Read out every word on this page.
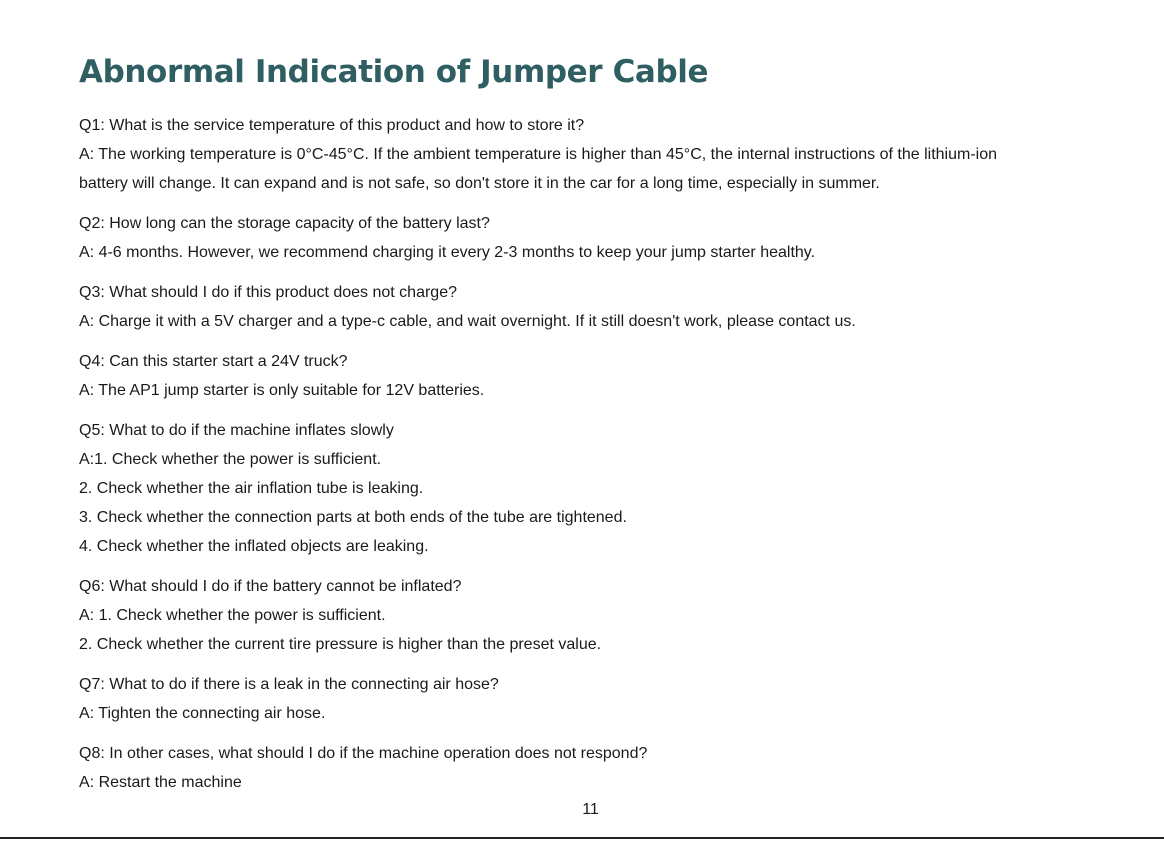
Abnormal Indication of Jumper Cable
Q1: What is the service temperature of this product and how to store it?
A: The working temperature is 0°C-45°C. If the ambient temperature is higher than 45°C, the internal instructions of the lithium-ion
battery will change. It can expand and is not safe, so don't store it in the car for a long time, especially in summer.
Q2: How long can the storage capacity of the battery last?
A: 4-6 months. However, we recommend charging it every 2-3 months to keep your jump starter healthy.
Q3: What should I do if this product does not charge?
A: Charge it with a 5V charger and a type-c cable, and wait overnight. If it still doesn't work, please contact us.
Q4: Can this starter start a 24V truck?
A: The AP1 jump starter is only suitable for 12V batteries.
Q5: What to do if the machine inflates slowly
A:1. Check whether the power is sufficient.
2. Check whether the air inflation tube is leaking.
3. Check whether the connection parts at both ends of the tube are tightened.
4. Check whether the inflated objects are leaking.
Q6: What should I do if the battery cannot be inflated?
A: 1. Check whether the power is sufficient.
2. Check whether the current tire pressure is higher than the preset value.
Q7: What to do if there is a leak in the connecting air hose?
A: Tighten the connecting air hose.
Q8: In other cases, what should I do if the machine operation does not respond?
A: Restart the machine
11
